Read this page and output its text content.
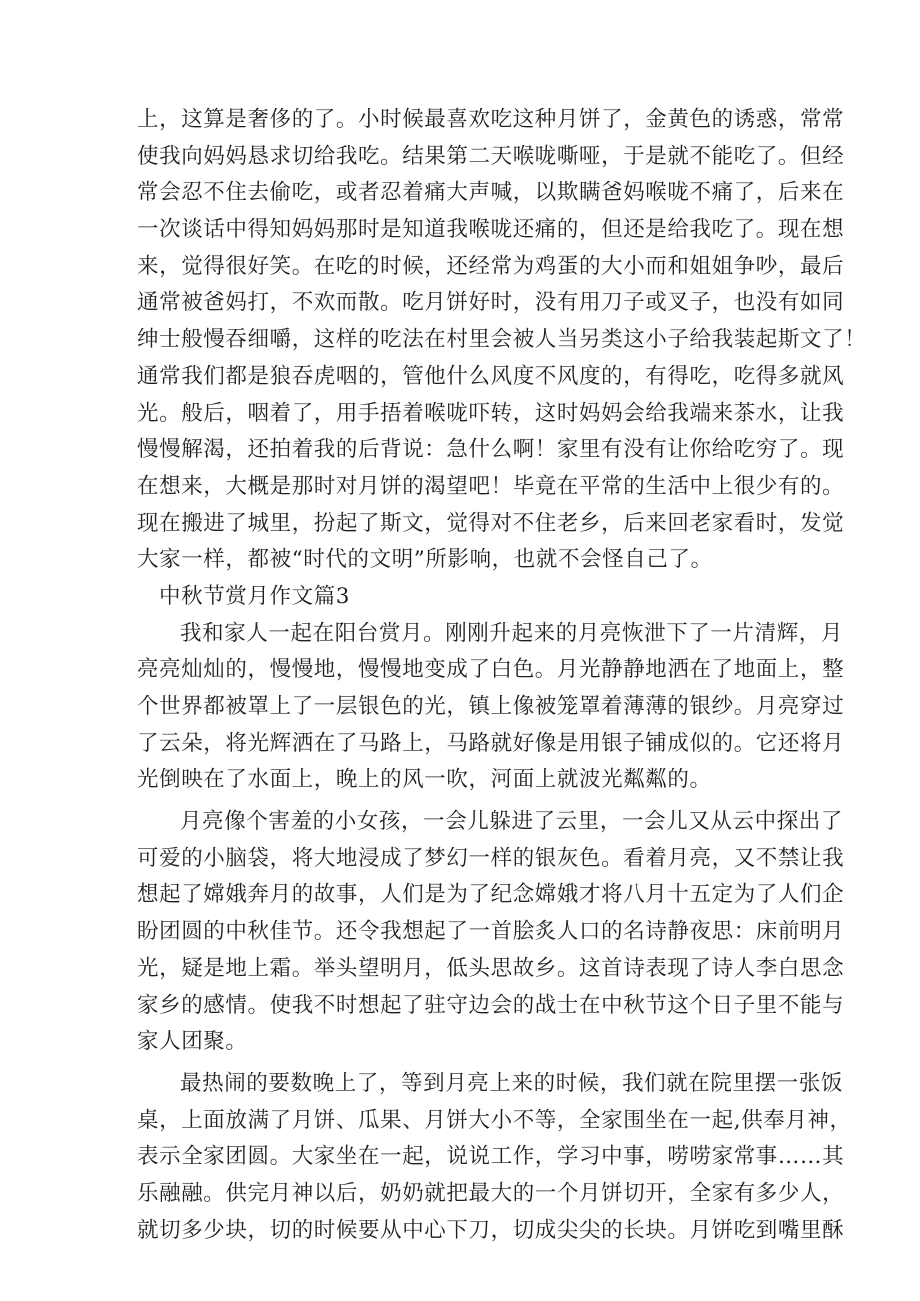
上，这算是奢侈的了。小时候最喜欢吃这种月饼了，金黄色的诱惑，常常
使我向妈妈恳求切给我吃。结果第二天喉咙嘶哑，于是就不能吃了。但经
常会忍不住去偷吃，或者忍着痛大声喊，以欺瞒爸妈喉咙不痛了，后来在
一次谈话中得知妈妈那时是知道我喉咙还痛的，但还是给我吃了。现在想
来，觉得很好笑。在吃的时候，还经常为鸡蛋的大小而和姐姐争吵，最后
通常被爸妈打，不欢而散。吃月饼好时，没有用刀子或叉子，也没有如同
绅士般慢吞细嚼，这样的吃法在村里会被人当另类这小子给我装起斯文了！
通常我们都是狼吞虎咽的，管他什么风度不风度的，有得吃，吃得多就风
光。般后，咽着了，用手捂着喉咙吓转，这时妈妈会给我端来茶水，让我
慢慢解渴，还拍着我的后背说：急什么啊！家里有没有让你给吃穷了。现
在想来，大概是那时对月饼的渴望吧！毕竟在平常的生活中上很少有的。
现在搬进了城里，扮起了斯文，觉得对不住老乡，后来回老家看时，发觉
大家一样，都被“时代的文明”所影响，也就不会怪自己了。
中秋节赏月作文篇3
我和家人一起在阳台赏月。刚刚升起来的月亮恢泄下了一片清辉，月
亮亮灿灿的，慢慢地，慢慢地变成了白色。月光静静地洒在了地面上，整
个世界都被罩上了一层银色的光，镇上像被笼罩着薄薄的银纱。月亮穿过
了云朵，将光辉洒在了马路上，马路就好像是用银子铺成似的。它还将月
光倒映在了水面上，晚上的风一吹，河面上就波光粼粼的。
月亮像个害羞的小女孩，一会儿躲进了云里，一会儿又从云中探出了
可爱的小脑袋，将大地浸成了梦幻一样的银灰色。看着月亮，又不禁让我
想起了嫦娥奔月的故事，人们是为了纪念嫦娥才将八月十五定为了人们企
盼团圆的中秋佳节。还令我想起了一首脍炙人口的名诗静夜思：床前明月
光，疑是地上霜。举头望明月，低头思故乡。这首诗表现了诗人李白思念
家乡的感情。使我不时想起了驻守边会的战士在中秋节这个日子里不能与
家人团聚。
最热闹的要数晚上了，等到月亮上来的时候，我们就在院里摆一张饭
桌，上面放满了月饼、瓜果、月饼大小不等，全家围坐在一起,供奉月神，
表示全家团圆。大家坐在一起，说说工作，学习中事，唠唠家常事……其
乐融融。供完月神以后，奶奶就把最大的一个月饼切开，全家有多少人，
就切多少块，切的时候要从中心下刀，切成尖尖的长块。月饼吃到嘴里酥
